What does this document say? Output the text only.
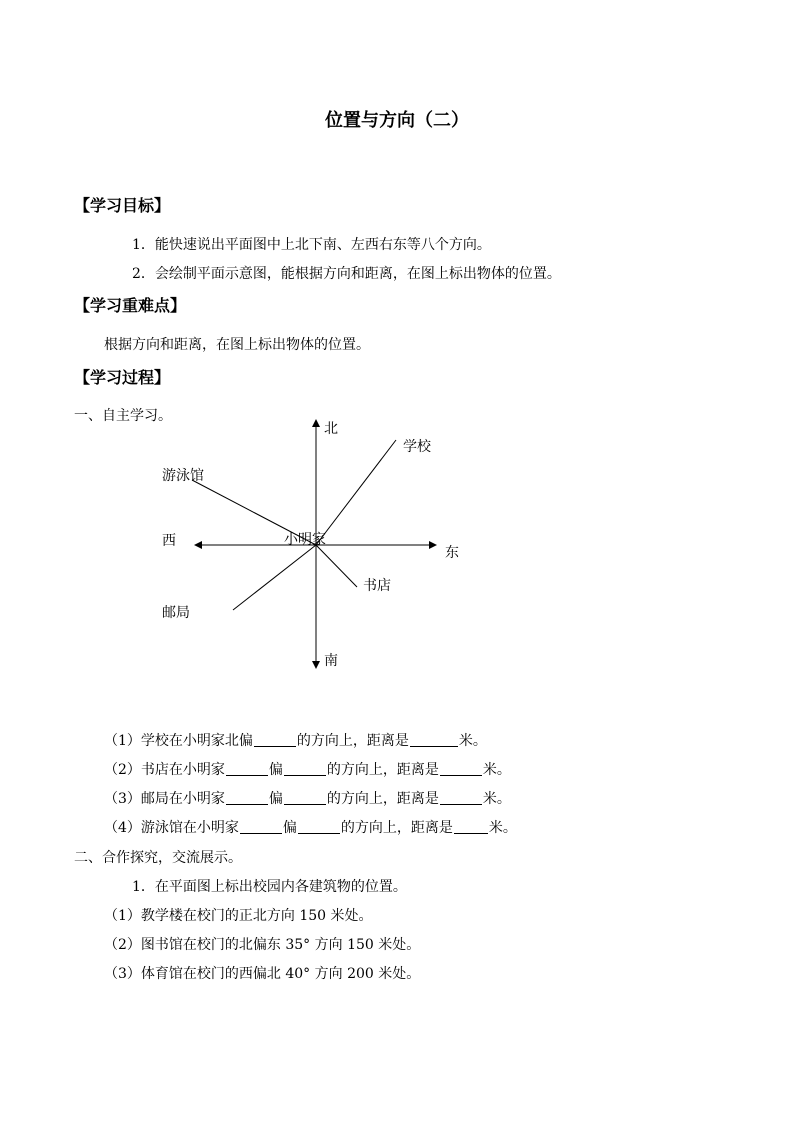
位置与方向（二）
【学习目标】
1．能快速说出平面图中上北下南、左西右东等八个方向。
2．会绘制平面示意图，能根据方向和距离，在图上标出物体的位置。
【学习重难点】
根据方向和距离，在图上标出物体的位置。
【学习过程】
一、自主学习。
北
南
东
西	小明家
学校
游泳馆
书店
邮局
（1）学校在小明家北偏	的方向上，距离是	米。
（2）书店在小明家	偏	的方向上，距离是	米。
（3）邮局在小明家	偏	的方向上，距离是	米。
（4）游泳馆在小明家	偏	的方向上，距离是	米。
二、合作探究，交流展示。
1．在平面图上标出校园内各建筑物的位置。
（1）教学楼在校门的正北方向 150 米处。
（2）图书馆在校门的北偏东 35° 方向 150 米处。
（3）体育馆在校门的西偏北 40° 方向 200 米处。
